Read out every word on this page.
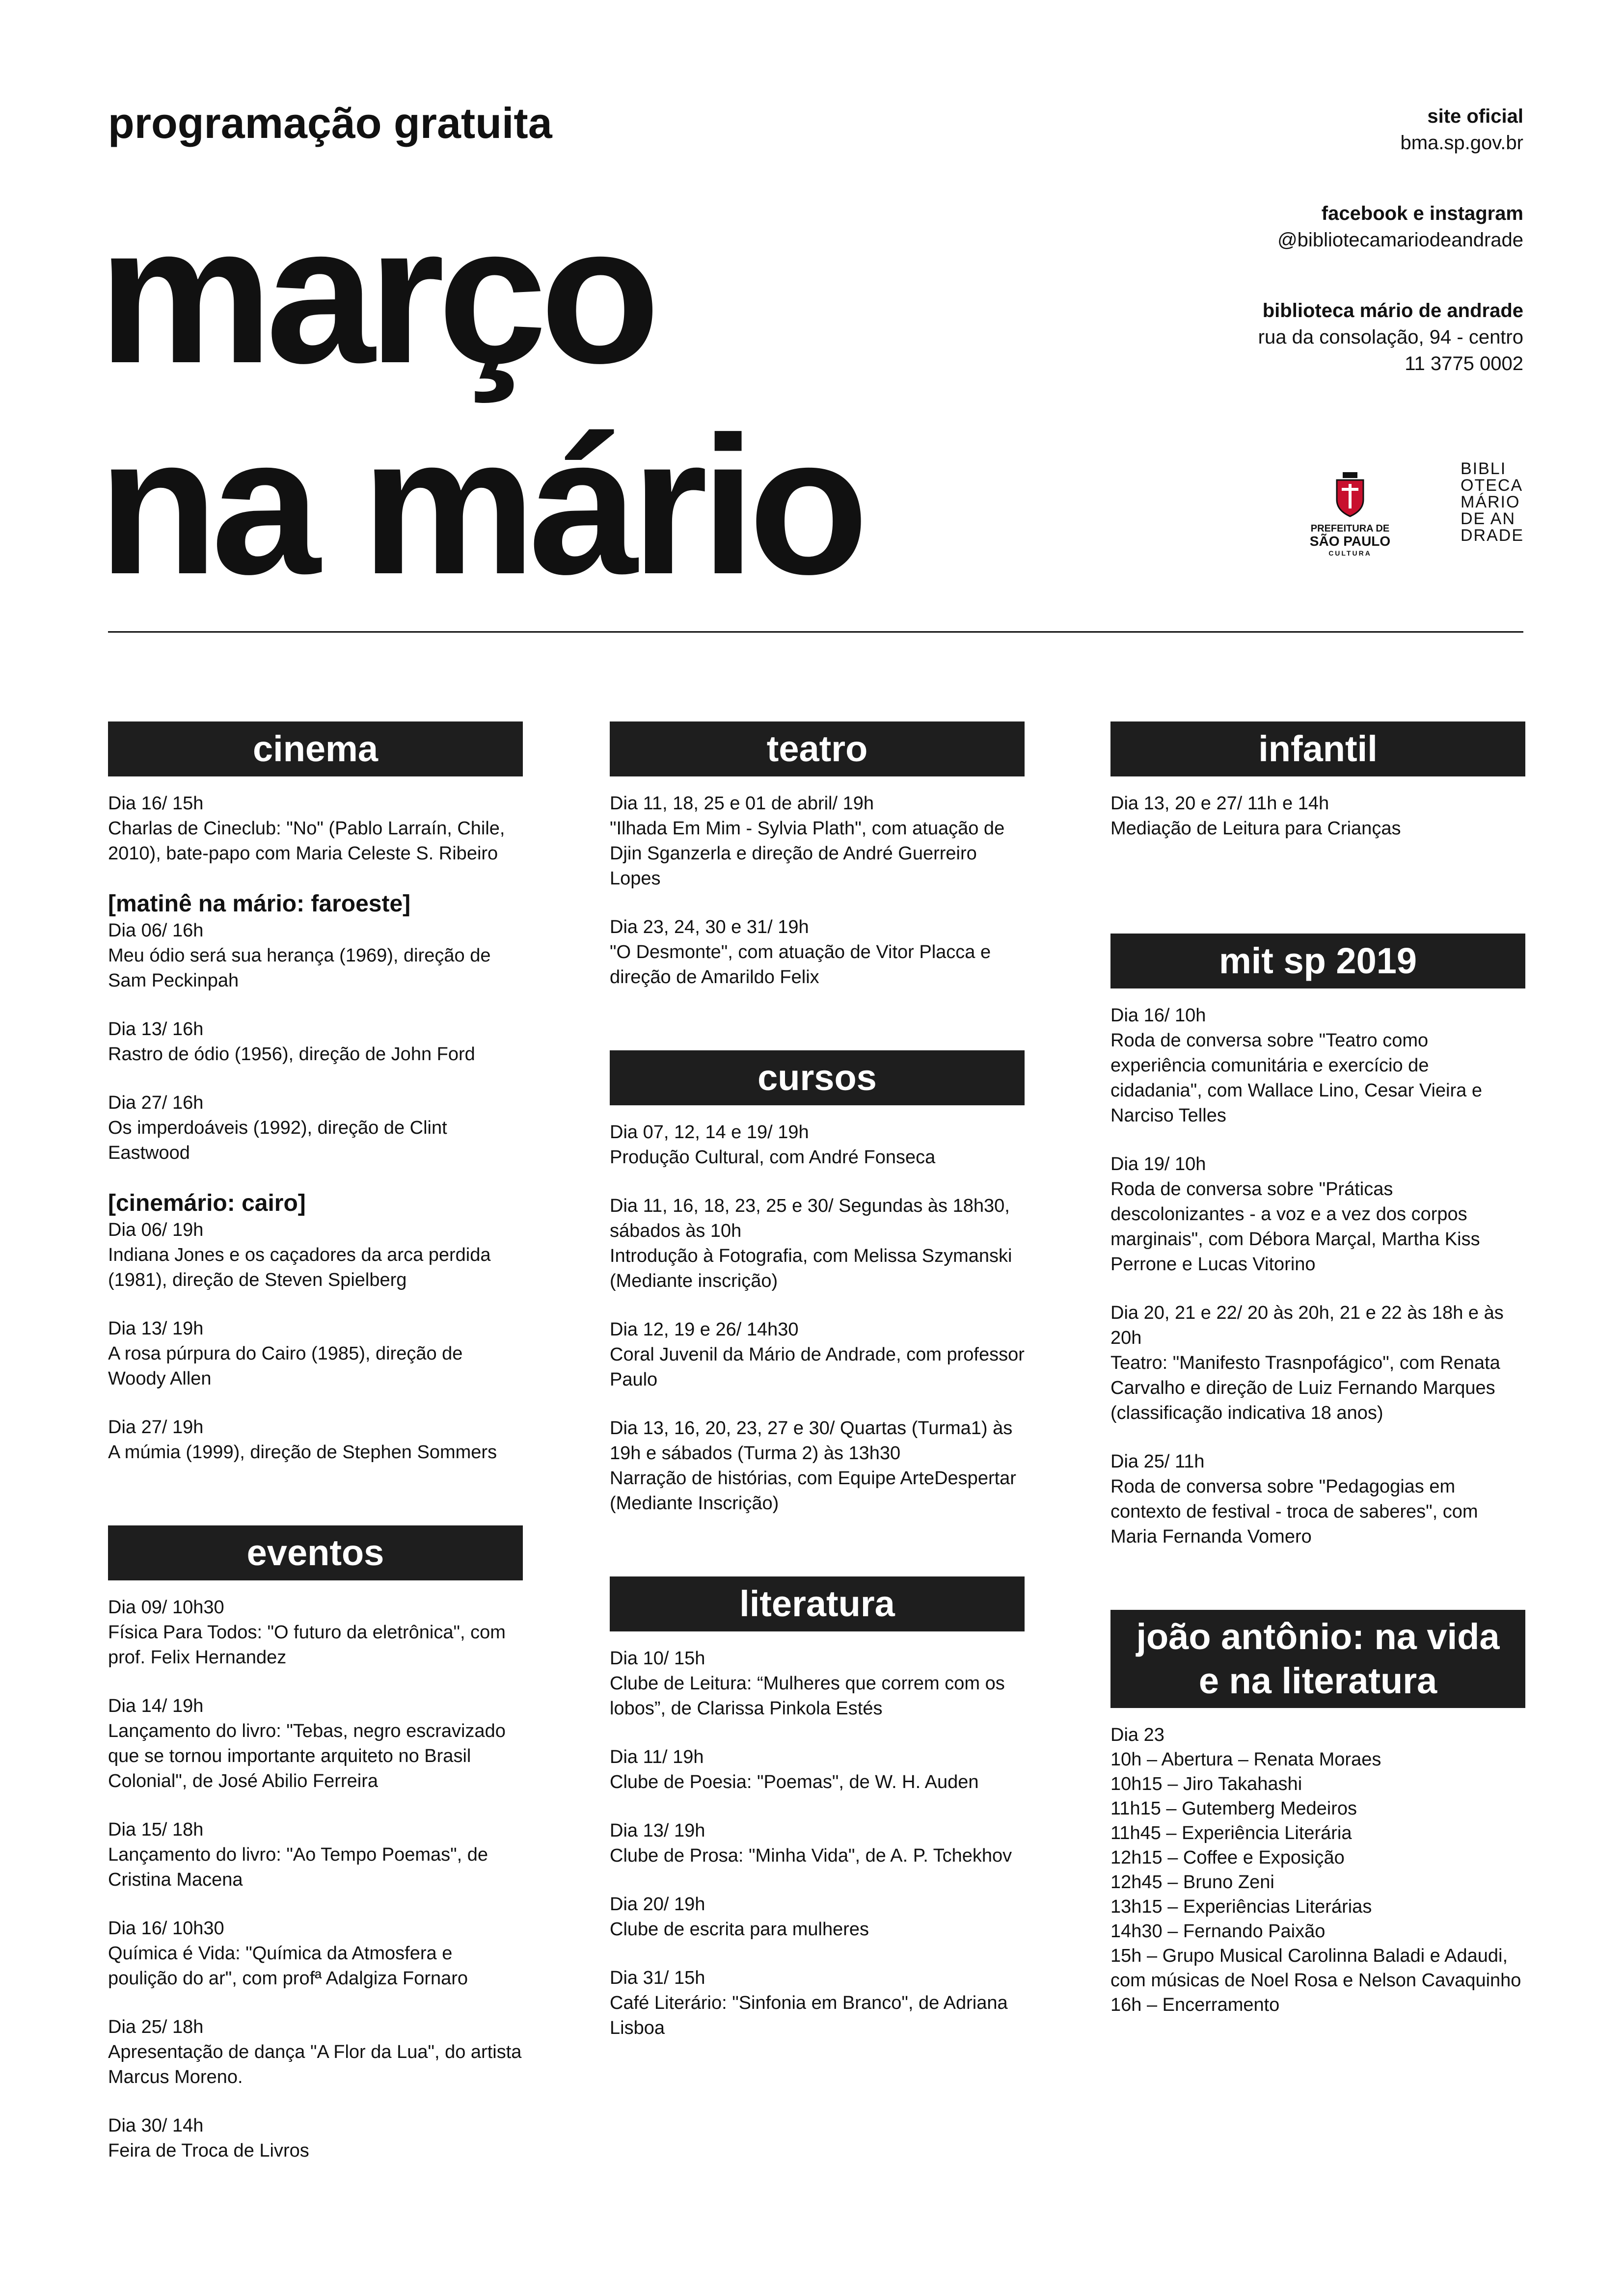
programação gratuita
março
na mário
site oficial
bma.sp.gov.br
facebook e instagram
@bibliotecamariodeandrade
biblioteca mário de andrade
rua da consolação, 94 - centro
11 3775 0002
PREFEITURA DE
SÃO PAULO
CULTURA
BIBLI
OTECA
MÁRIO
DE AN
DRADE
cinema
Dia 16/ 15h
Charlas de Cineclub: "No" (Pablo Larraín, Chile, 2010), bate-papo com Maria Celeste S. Ribeiro
[matinê na mário: faroeste]
Dia 06/ 16h
Meu ódio será sua herança (1969), direção de Sam Peckinpah
Dia 13/ 16h
Rastro de ódio (1956), direção de John Ford
Dia 27/ 16h
Os imperdoáveis (1992), direção de Clint Eastwood
[cinemário: cairo]
Dia 06/ 19h
Indiana Jones e os caçadores da arca perdida (1981), direção de Steven Spielberg
Dia 13/ 19h
A rosa púrpura do Cairo (1985), direção de Woody Allen
Dia 27/ 19h
A múmia (1999), direção de Stephen Sommers
eventos
Dia 09/ 10h30
Física Para Todos: "O futuro da eletrônica", com prof. Felix Hernandez
Dia 14/ 19h
Lançamento do livro: "Tebas, negro escravizado que se tornou importante arquiteto no Brasil Colonial", de José Abilio Ferreira
Dia 15/ 18h
Lançamento do livro: "Ao Tempo Poemas", de Cristina Macena
Dia 16/ 10h30
Química é Vida: "Química da Atmosfera e poulição do ar", com profª Adalgiza Fornaro
Dia 25/ 18h
Apresentação de dança "A Flor da Lua", do artista Marcus Moreno.
Dia 30/ 14h
Feira de Troca de Livros
teatro
Dia 11, 18, 25 e 01 de abril/ 19h
"Ilhada Em Mim - Sylvia Plath", com atuação de Djin Sganzerla e direção de André Guerreiro Lopes
Dia 23, 24, 30 e 31/ 19h
"O Desmonte", com atuação de Vitor Placca e direção de Amarildo Felix
cursos
Dia 07, 12, 14 e 19/ 19h
Produção Cultural, com André Fonseca
Dia 11, 16, 18, 23, 25 e 30/ Segundas às 18h30, sábados às 10h
Introdução à Fotografia, com Melissa Szymanski
(Mediante inscrição)
Dia 12, 19 e 26/ 14h30
Coral Juvenil da Mário de Andrade, com professor Paulo
Dia 13, 16, 20, 23, 27 e 30/ Quartas (Turma1) às 19h e sábados (Turma 2) às 13h30
Narração de histórias, com Equipe ArteDespertar
(Mediante Inscrição)
literatura
Dia 10/ 15h
Clube de Leitura: “Mulheres que correm com os lobos”, de Clarissa Pinkola Estés
Dia 11/ 19h
Clube de Poesia: "Poemas", de W. H. Auden
Dia 13/ 19h
Clube de Prosa: "Minha Vida", de A. P. Tchekhov
Dia 20/ 19h
Clube de escrita para mulheres
Dia 31/ 15h
Café Literário: "Sinfonia em Branco", de Adriana Lisboa
infantil
Dia 13, 20 e 27/ 11h e 14h
Mediação de Leitura para Crianças
mit sp 2019
Dia 16/ 10h
Roda de conversa sobre "Teatro como experiência comunitária e exercício de cidadania", com Wallace Lino, Cesar Vieira e Narciso Telles
Dia 19/ 10h
Roda de conversa sobre "Práticas descolonizantes - a voz e a vez dos corpos marginais", com Débora Marçal, Martha Kiss Perrone e Lucas Vitorino
Dia 20, 21 e 22/ 20 às 20h, 21 e 22 às 18h e às 20h
Teatro: "Manifesto Trasnpofágico", com Renata Carvalho e direção de Luiz Fernando Marques
(classificação indicativa 18 anos)
Dia 25/ 11h
Roda de conversa sobre "Pedagogias em contexto de festival - troca de saberes", com Maria Fernanda Vomero
joão antônio: na vida
e na literatura
Dia 23
10h – Abertura – Renata Moraes
10h15 – Jiro Takahashi
11h15 – Gutemberg Medeiros
11h45 – Experiência Literária
12h15 – Coffee e Exposição
12h45 – Bruno Zeni
13h15 – Experiências Literárias
14h30 – Fernando Paixão
15h – Grupo Musical Carolinna Baladi e Adaudi, com músicas de Noel Rosa e Nelson Cavaquinho
16h – Encerramento
